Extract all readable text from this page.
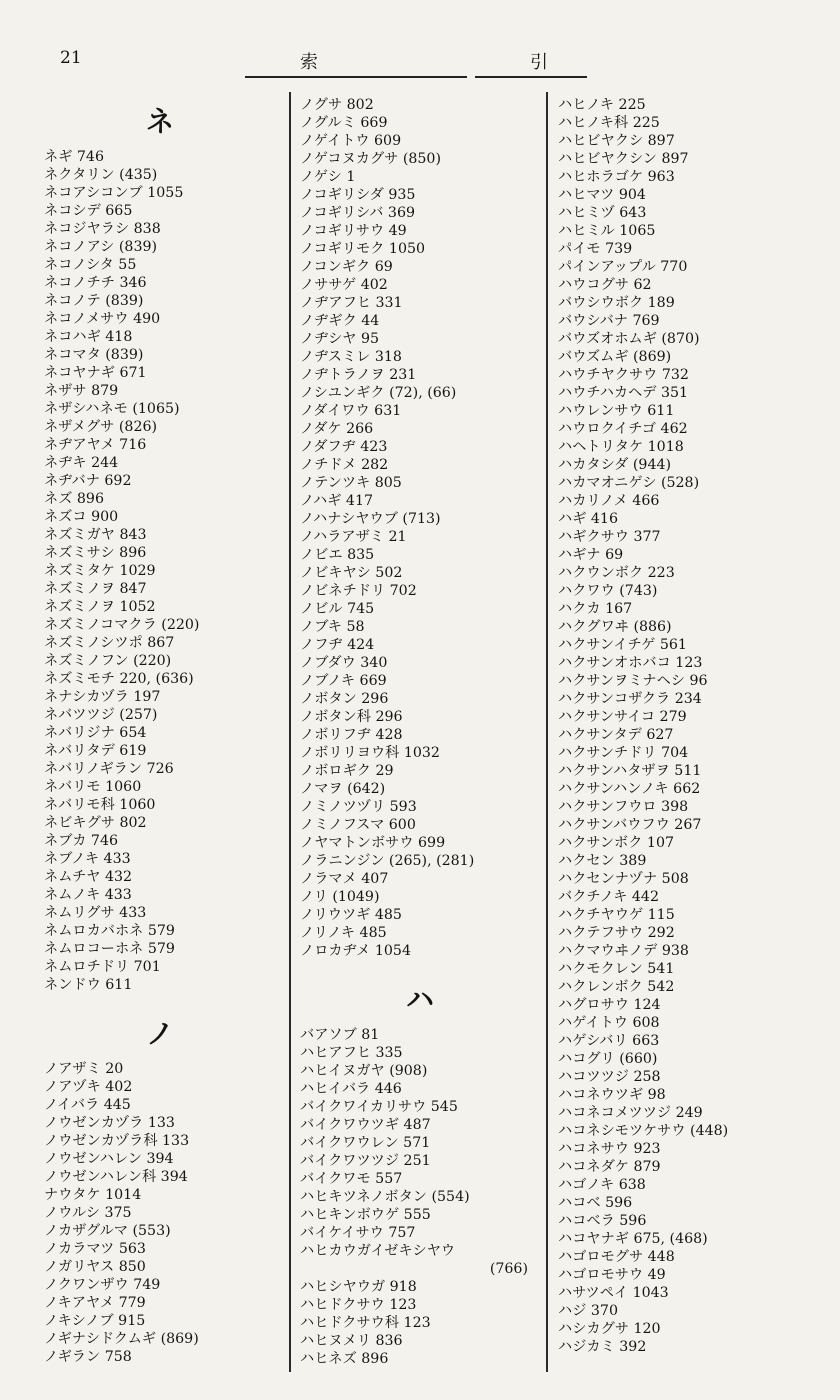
21	索	引
ネ
ネギ 746
ネクタリン (435)
ネコアシコンブ 1055
ネコシデ 665
ネコジヤラシ 838
ネコノアシ (839)
ネコノシタ 55
ネコノチチ 346
ネコノテ (839)
ネコノメサウ 490
ネコハギ 418
ネコマタ (839)
ネコヤナギ 671
ネザサ 879
ネザシハネモ (1065)
ネザメグサ (826)
ネヂアヤメ 716
ネヂキ 244
ネヂバナ 692
ネズ 896
ネズコ 900
ネズミガヤ 843
ネズミサシ 896
ネズミタケ 1029
ネズミノヲ 847
ネズミノヲ 1052
ネズミノコマクラ (220)
ネズミノシツポ 867
ネズミノフン (220)
ネズミモチ 220, (636)
ネナシカヅラ 197
ネバツツジ (257)
ネバリジナ 654
ネバリタデ 619
ネバリノギラン 726
ネバリモ 1060
ネバリモ科 1060
ネビキグサ 802
ネブカ 746
ネブノキ 433
ネムチヤ 432
ネムノキ 433
ネムリグサ 433
ネムロカバホネ 579
ネムロコーホネ 579
ネムロチドリ 701
ネンドウ 611
ノ
ノアザミ 20
ノアヅキ 402
ノイバラ 445
ノウゼンカヅラ 133
ノウゼンカヅラ科 133
ノウゼンハレン 394
ノウゼンハレン科 394
ナウタケ 1014
ノウルシ 375
ノカザグルマ (553)
ノカラマツ 563
ノガリヤス 850
ノクワンザウ 749
ノキアヤメ 779
ノキシノブ 915
ノギナシドクムギ (869)
ノギラン 758
ノグサ 802
ノグルミ 669
ノゲイトウ 609
ノゲコヌカグサ (850)
ノゲシ 1
ノコギリシダ 935
ノコギリシバ 369
ノコギリサウ 49
ノコギリモク 1050
ノコンギク 69
ノササゲ 402
ノヂアフヒ 331
ノヂギク 44
ノヂシヤ 95
ノヂスミレ 318
ノヂトラノヲ 231
ノシユンギク (72), (66)
ノダイワウ 631
ノダケ 266
ノダフヂ 423
ノチドメ 282
ノテンツキ 805
ノハギ 417
ノハナシヤウブ (713)
ノハラアザミ 21
ノビエ 835
ノビキヤシ 502
ノビネチドリ 702
ノビル 745
ノブキ 58
ノフヂ 424
ノブダウ 340
ノブノキ 669
ノボタン 296
ノボタン科 296
ノボリフヂ 428
ノボリリヨウ科 1032
ノボロギク 29
ノマヲ (642)
ノミノツヅリ 593
ノミノフスマ 600
ノヤマトンボサウ 699
ノラニンジン (265), (281)
ノラマメ 407
ノリ (1049)
ノリウツギ 485
ノリノキ 485
ノロカヂメ 1054
ハ
バアソブ 81
ハヒアフヒ 335
ハヒイヌガヤ (908)
ハヒイバラ 446
バイクワイカリサウ 545
バイクワウツギ 487
バイクワウレン 571
バイクワツツジ 251
バイクワモ 557
ハヒキツネノボタン (554)
ハヒキンボウゲ 555
バイケイサウ 757
ハヒカウガイゼキシヤウ
(766)
ハヒシヤウガ 918
ハヒドクサウ 123
ハヒドクサウ科 123
ハヒヌメリ 836
ハヒネズ 896
ハヒノキ 225
ハヒノキ科 225
ハヒビヤクシ 897
ハヒビヤクシン 897
ハヒホラゴケ 963
ハヒマツ 904
ハヒミヅ 643
ハヒミル 1065
パイモ 739
パインアップル 770
ハウコグサ 62
バウシウボク 189
バウシバナ 769
バウズオホムギ (870)
バウズムギ (869)
ハウチヤクサウ 732
ハウチハカヘデ 351
ハウレンサウ 611
ハウロクイチゴ 462
ハヘトリタケ 1018
ハカタシダ (944)
ハカマオニゲシ (528)
ハカリノメ 466
ハギ 416
ハギクサウ 377
ハギナ 69
ハクウンボク 223
ハクワウ (743)
ハクカ 167
ハクグワヰ (886)
ハクサンイチゲ 561
ハクサンオホバコ 123
ハクサンヲミナヘシ 96
ハクサンコザクラ 234
ハクサンサイコ 279
ハクサンタデ 627
ハクサンチドリ 704
ハクサンハタザヲ 511
ハクサンハンノキ 662
ハクサンフウロ 398
ハクサンバウフウ 267
ハクサンボク 107
ハクセン 389
ハクセンナヅナ 508
バクチノキ 442
ハクチヤウゲ 115
ハクテフサウ 292
ハクマウヰノデ 938
ハクモクレン 541
ハクレンボク 542
ハグロサウ 124
ハゲイトウ 608
ハゲシバリ 663
ハコグリ (660)
ハコツツジ 258
ハコネウツギ 98
ハコネコメツツジ 249
ハコネシモツケサウ (448)
ハコネサウ 923
ハコネダケ 879
ハゴノキ 638
ハコベ 596
ハコベラ 596
ハコヤナギ 675, (468)
ハゴロモグサ 448
ハゴロモサウ 49
ハサツペイ 1043
ハジ 370
ハシカグサ 120
ハジカミ 392
